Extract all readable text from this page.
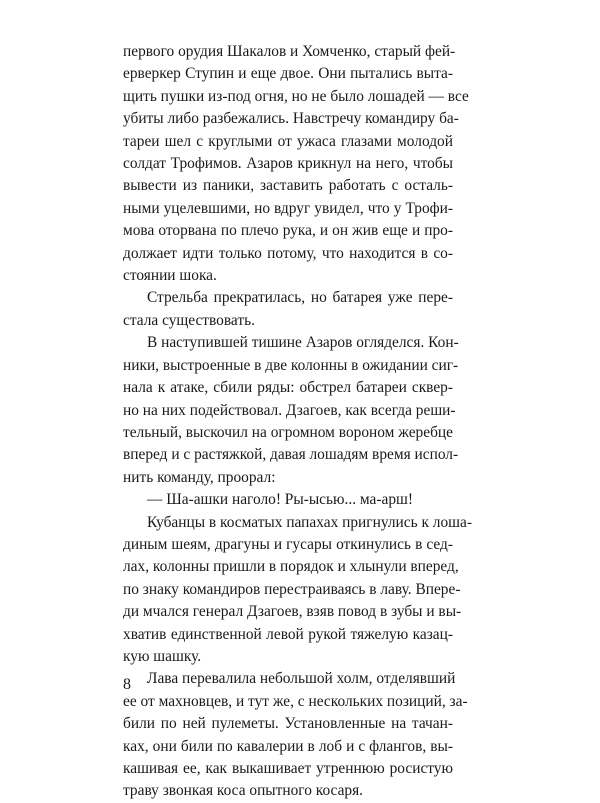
первого орудия Шакалов и Хомченко, старый фей-
ерверкер Ступин и еще двое. Они пытались выта-
щить пушки из-под огня, но не было лошадей — все
убиты либо разбежались. Навстречу командиру ба-
тареи шел с круглыми от ужаса глазами молодой
солдат Трофимов. Азаров крикнул на него, чтобы
вывести из паники, заставить работать с осталь-
ными уцелевшими, но вдруг увидел, что у Трофи-
мова оторвана по плечо рука, и он жив еще и про-
должает идти только потому, что находится в со-
стоянии шока.
Стрельба прекратилась, но батарея уже пере-
стала существовать.
В наступившей тишине Азаров огляделся. Кон-
ники, выстроенные в две колонны в ожидании сиг-
нала к атаке, сбили ряды: обстрел батареи сквер-
но на них подействовал. Дзагоев, как всегда реши-
тельный, выскочил на огромном вороном жеребце
вперед и с растяжкой, давая лошадям время испол-
нить команду, проорал:
— Ша-ашки наголо! Ры-ысью... ма-арш!
Кубанцы в косматых папахах пригнулись к лоша-
диным шеям, драгуны и гусары откинулись в сед-
лах, колонны пришли в порядок и хлынули вперед,
по знаку командиров перестраиваясь в лаву. Впере-
ди мчался генерал Дзагоев, взяв повод в зубы и вы-
хватив единственной левой рукой тяжелую казац-
кую шашку.
Лава перевалила небольшой холм, отделявший
ее от махновцев, и тут же, с нескольких позиций, за-
били по ней пулеметы. Установленные на тачан-
ках, они били по кавалерии в лоб и с флангов, вы-
кашивая ее, как выкашивает утреннюю росистую
траву звонкая коса опытного косаря.
8
